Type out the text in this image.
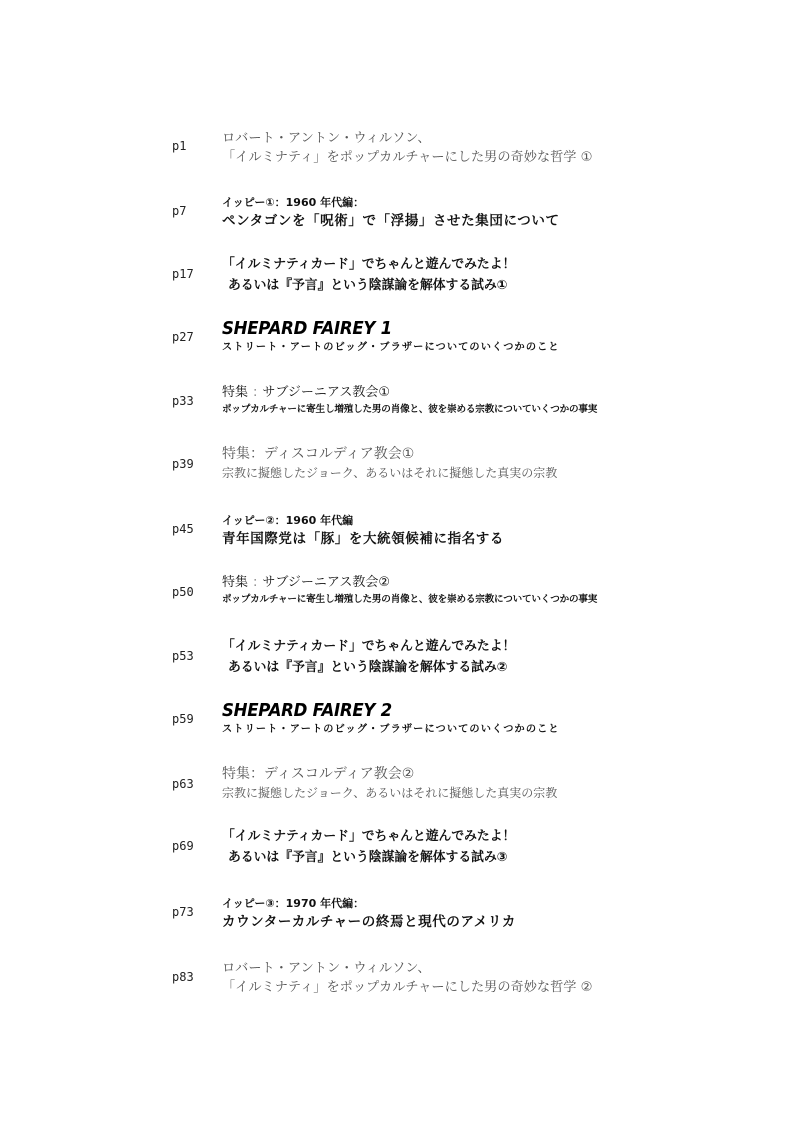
p1	ロバート・アントン・ウィルソン、
「イルミナティ」をポップカルチャーにした男の奇妙な哲学 ①
p7
イッピー①：1960 年代編：
ペンタゴンを「呪術」で「浮揚」させた集団について
p17
「イルミナティカード」でちゃんと遊んでみたよ！
あるいは『予言』という陰謀論を解体する試み①
p27 SHEPARD FAIREY 1
ストリート・アートのビッグ・ブラザーについてのいくつかのこと
p33
特集 : サブジーニアス教会①
ポップカルチャーに寄生し増殖した男の肖像と、彼を崇める宗教についていくつかの事実
p39
特集：ディスコルディア教会①
宗教に擬態したジョーク、あるいはそれに擬態した真実の宗教
p45
イッピー②：1960 年代編
青年国際党は「豚」を大統領候補に指名する
p50
特集 : サブジーニアス教会②
ポップカルチャーに寄生し増殖した男の肖像と、彼を崇める宗教についていくつかの事実
p53
「イルミナティカード」でちゃんと遊んでみたよ！
あるいは『予言』という陰謀論を解体する試み②
p59 SHEPARD FAIREY 2
ストリート・アートのビッグ・ブラザーについてのいくつかのこと
p63
特集：ディスコルディア教会②
宗教に擬態したジョーク、あるいはそれに擬態した真実の宗教
p69
「イルミナティカード」でちゃんと遊んでみたよ！
あるいは『予言』という陰謀論を解体する試み③
p73
イッピー③：1970 年代編：
カウンターカルチャーの終焉と現代のアメリカ
p83
ロバート・アントン・ウィルソン、
「イルミナティ」をポップカルチャーにした男の奇妙な哲学 ②
